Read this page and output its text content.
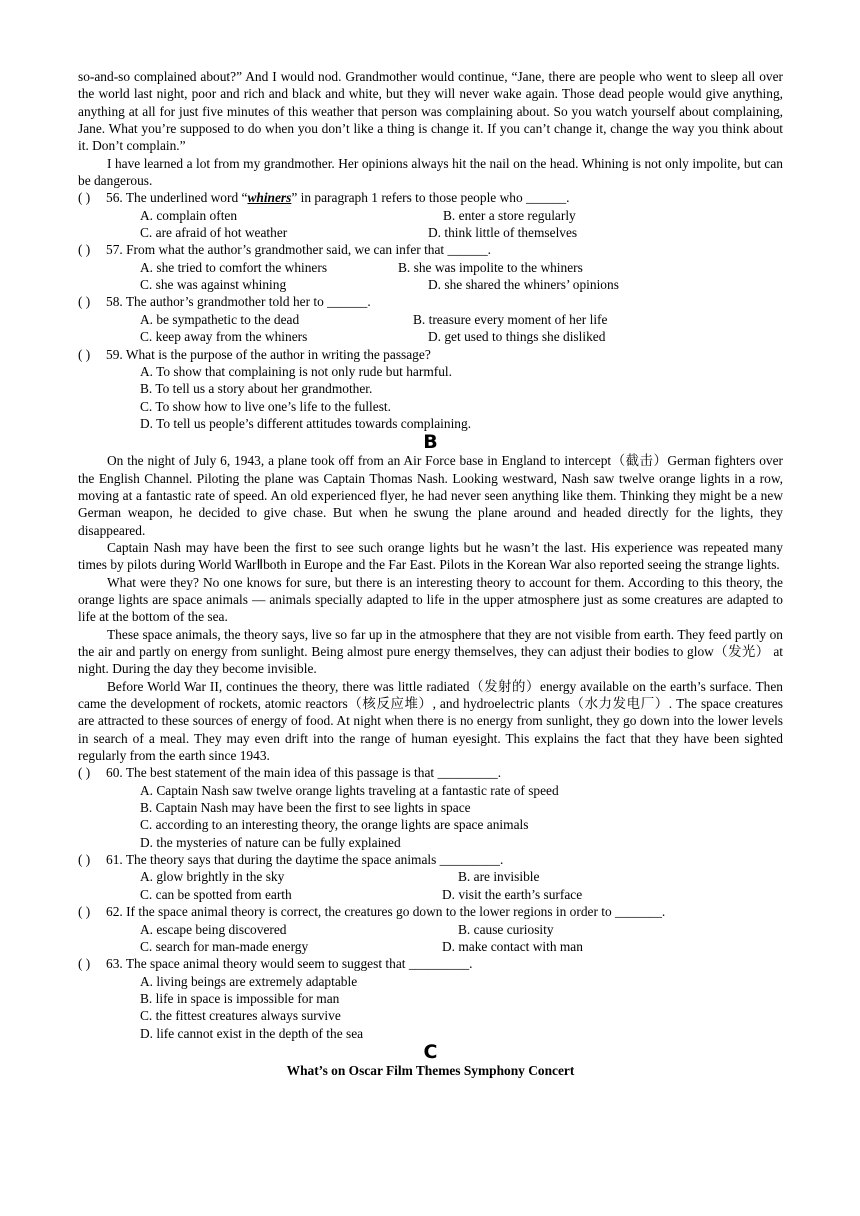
so-and-so complained about?” And I would nod. Grandmother would continue, “Jane, there are people who went to sleep all over the world last night, poor and rich and black and white, but they will never wake again. Those dead people would give anything, anything at all for just five minutes of this weather that person was complaining about. So you watch yourself about complaining, Jane. What you’re supposed to do when you don’t like a thing is change it. If you can’t change it, change the way you think about it. Don’t complain.”

I have learned a lot from my grandmother. Her opinions always hit the nail on the head. Whining is not only impolite, but can be dangerous.

( )	56. The underlined word “whiners” in paragraph 1 refers to those people who ______.
A. complain often	B. enter a store regularly
C. are afraid of hot weather	D. think little of themselves
( )	57. From what the author’s grandmother said, we can infer that ______.
A. she tried to comfort the whiners	B. she was impolite to the whiners
C. she was against whining	D. she shared the whiners’ opinions
( )	58. The author’s grandmother told her to ______.
A. be sympathetic to the dead	B. treasure every moment of her life
C. keep away from the whiners	D. get used to things she disliked
( )	59. What is the purpose of the author in writing the passage?
A. To show that complaining is not only rude but harmful.
B. To tell us a story about her grandmother.
C. To show how to live one’s life to the fullest.
D. To tell us people’s different attitudes towards complaining.

B

On the night of July 6, 1943, a plane took off from an Air Force base in England to intercept（截击）German fighters over the English Channel. Piloting the plane was Captain Thomas Nash. Looking westward, Nash saw twelve orange lights in a row, moving at a fantastic rate of speed. An old experienced flyer, he had never seen anything like them. Thinking they might be a new German weapon, he decided to give chase. But when he swung the plane around and headed directly for the lights, they disappeared.

Captain Nash may have been the first to see such orange lights but he wasn’t the last. His experience was repeated many times by pilots during World WarⅡboth in Europe and the Far East. Pilots in the Korean War also reported seeing the strange lights.

What were they? No one knows for sure, but there is an interesting theory to account for them. According to this theory, the orange lights are space animals — animals specially adapted to life in the upper atmosphere just as some creatures are adapted to life at the bottom of the sea.

These space animals, the theory says, live so far up in the atmosphere that they are not visible from earth. They feed partly on the air and partly on energy from sunlight. Being almost pure energy themselves, they can adjust their bodies to glow（发光） at night. During the day they become invisible.

Before World War II, continues the theory, there was little radiated（发射的）energy available on the earth’s surface. Then came the development of rockets, atomic reactors（核反应堆）, and hydroelectric plants（水力发电厂）. The space creatures are attracted to these sources of energy of food. At night when there is no energy from sunlight, they go down into the lower levels in search of a meal. They may even drift into the range of human eyesight. This explains the fact that they have been sighted regularly from the earth since 1943.

( )	60. The best statement of the main idea of this passage is that _________.
A. Captain Nash saw twelve orange lights traveling at a fantastic rate of speed
B. Captain Nash may have been the first to see lights in space
C. according to an interesting theory, the orange lights are space animals
D. the mysteries of nature can be fully explained
( )	61. The theory says that during the daytime the space animals _________.
A. glow brightly in the sky	B. are invisible
C. can be spotted from earth	D. visit the earth’s surface
( )	62. If the space animal theory is correct, the creatures go down to the lower regions in order to _______.
A. escape being discovered	B. cause curiosity
C. search for man-made energy	D. make contact with man
( )	63. The space animal theory would seem to suggest that _________.
A. living beings are extremely adaptable
B. life in space is impossible for man
C. the fittest creatures always survive
D. life cannot exist in the depth of the sea

C

What’s on Oscar Film Themes Symphony Concert
